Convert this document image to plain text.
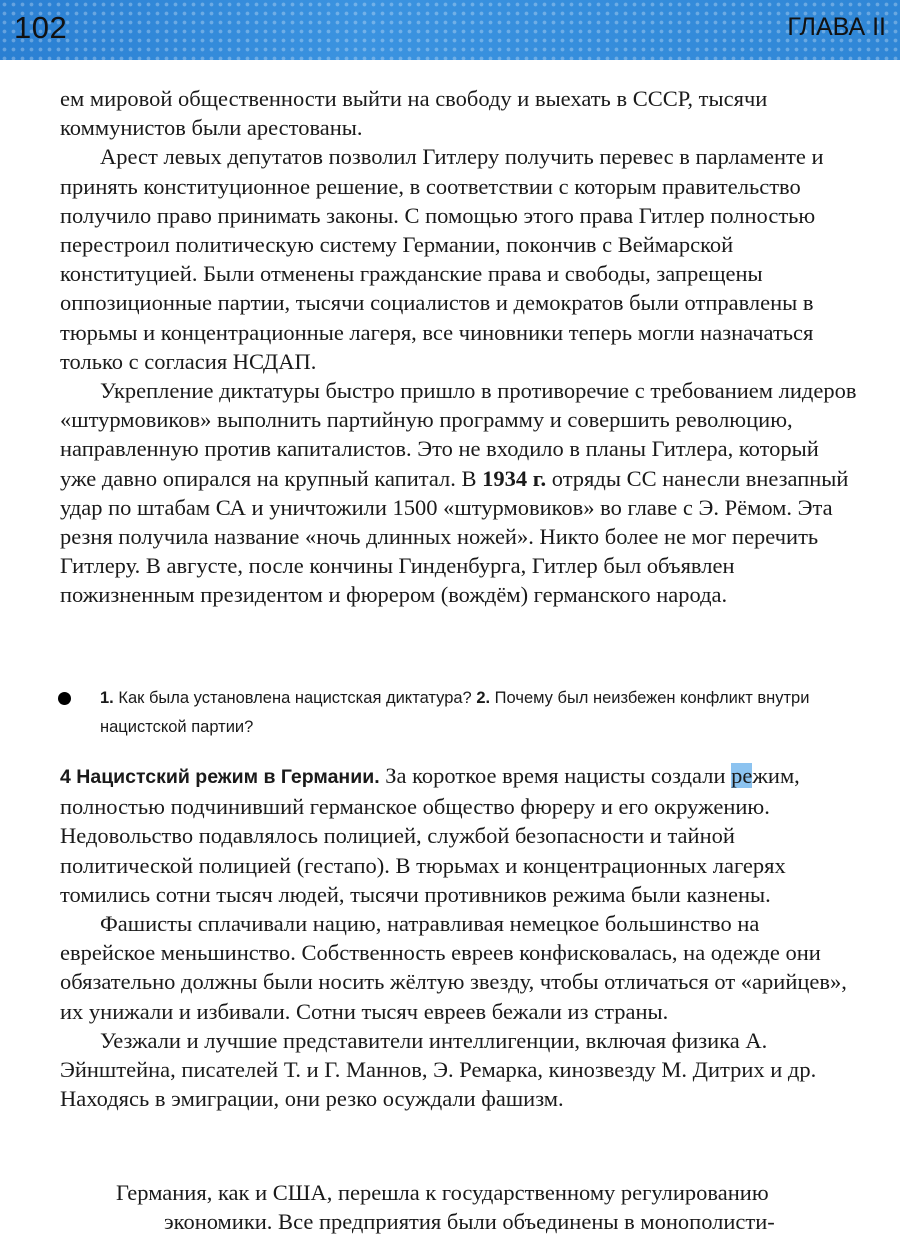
102	ГЛАВА II

ем мировой общественности выйти на свободу и выехать в СССР, тысячи коммунистов были арестованы.

Арест левых депутатов позволил Гитлеру получить перевес в парламенте и принять конституционное решение, в соответствии с которым правительство получило право принимать законы. С помощью этого права Гитлер полностью перестроил политическую систему Германии, покончив с Веймарской конституцией. Были отменены гражданские права и свободы, запрещены оппозиционные партии, тысячи социалистов и демократов были отправлены в тюрьмы и концентрационные лагеря, все чиновники теперь могли назначаться только с согласия НСДАП.

Укрепление диктатуры быстро пришло в противоречие с требованием лидеров «штурмовиков» выполнить партийную программу и совершить революцию, направленную против капиталистов. Это не входило в планы Гитлера, который уже давно опирался на крупный капитал. В 1934 г. отряды СС нанесли внезапный удар по штабам СА и уничтожили 1500 «штурмовиков» во главе с Э. Рёмом. Эта резня получила название «ночь длинных ножей». Никто более не мог перечить Гитлеру. В августе, после кончины Гинденбурга, Гитлер был объявлен пожизненным президентом и фюрером (вождём) германского народа.

1. Как была установлена нацистская диктатура? 2. Почему был неизбежен конфликт внутри нацистской партии?

4 Нацистский режим в Германии. За короткое время нацисты создали режим, полностью подчинивший германское общество фюреру и его окружению. Недовольство подавлялось полицией, службой безопасности и тайной политической полицией (гестапо). В тюрьмах и концентрационных лагерях томились сотни тысяч людей, тысячи противников режима были казнены.

Фашисты сплачивали нацию, натравливая немецкое большинство на еврейское меньшинство. Собственность евреев конфисковалась, на одежде они обязательно должны были носить жёлтую звезду, чтобы отличаться от «арийцев», их унижали и избивали. Сотни тысяч евреев бежали из страны.

Уезжали и лучшие представители интеллигенции, включая физика А. Эйнштейна, писателей Т. и Г. Маннов, Э. Ремарка, кинозвезду М. Дитрих и др. Находясь в эмиграции, они резко осуждали фашизм.

Германия, как и США, перешла к государственному регулированию

экономики. Все предприятия были объединены в монополисти-
